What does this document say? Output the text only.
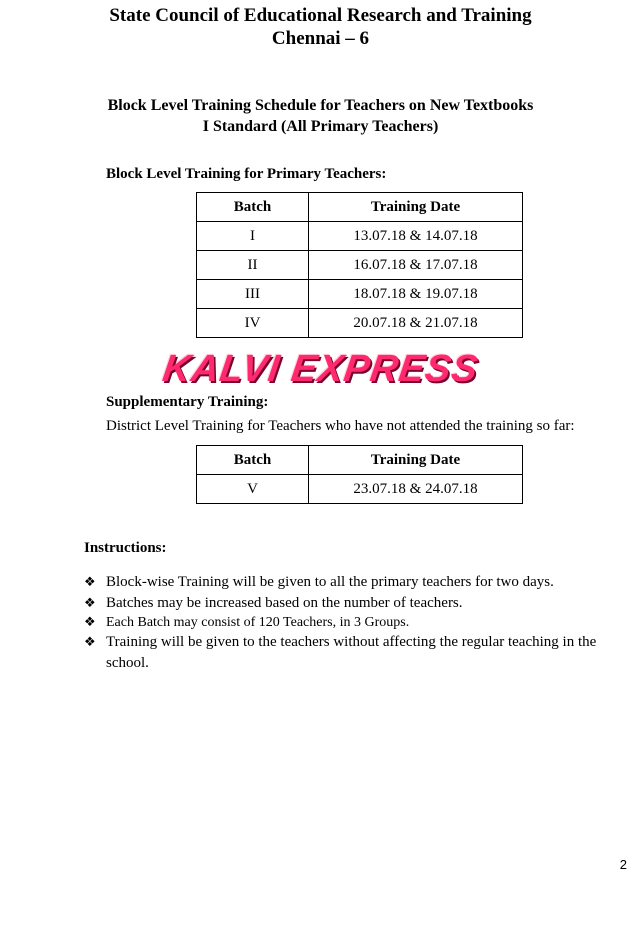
State Council of Educational Research and Training
Chennai – 6
Block Level Training Schedule for Teachers on New Textbooks
I Standard (All Primary Teachers)
Block Level Training for Primary Teachers:
Batch	Training Date
I	13.07.18 & 14.07.18
II	16.07.18 & 17.07.18
III	18.07.18 & 19.07.18
IV	20.07.18 & 21.07.18
KALVI EXPRESS
Supplementary Training:
District Level Training for Teachers who have not attended the training so far:
Batch	Training Date
V	23.07.18 & 24.07.18
Instructions:
❖ Block-wise Training will be given to all the primary teachers for two days.
❖ Batches may be increased based on the number of teachers.
❖ Each Batch may consist of 120 Teachers, in 3 Groups.
❖ Training will be given to the teachers without affecting the regular teaching in the school.
2
